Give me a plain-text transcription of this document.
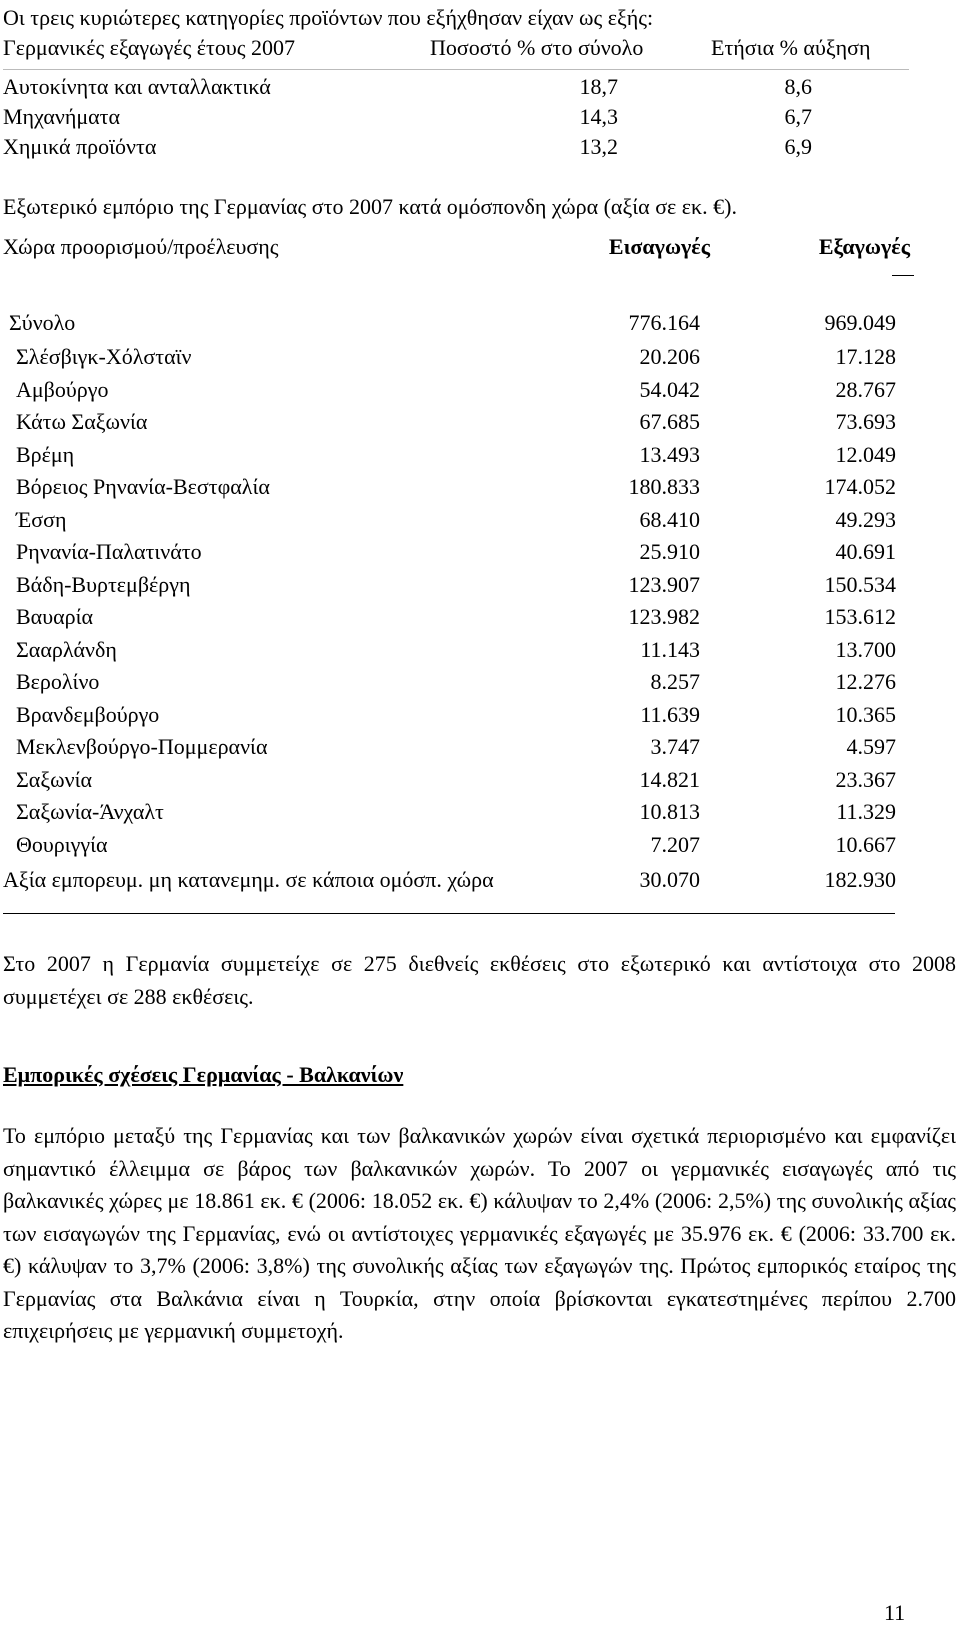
Οι τρεις κυριώτερες κατηγορίες προϊόντων που εξήχθησαν είχαν ως εξής:
Γερμανικές εξαγωγές έτους 2007	Ποσοστό % στο σύνολο	Ετήσια % αύξηση
Αυτοκίνητα και ανταλλακτικά	18,7	8,6
Μηχανήματα	14,3	6,7
Χημικά προϊόντα	13,2	6,9
Εξωτερικό εμπόριο της Γερμανίας στο 2007 κατά ομόσπονδη χώρα (αξία σε εκ. €).
Χώρα προορισμού/προέλευσης	Εισαγωγές	Εξαγωγές
Σύνολο	776.164	969.049
Σλέσβιγκ-Χόλσταϊν	20.206	17.128
Αμβούργο	54.042	28.767
Κάτω Σαξωνία	67.685	73.693
Βρέμη	13.493	12.049
Βόρειος Ρηνανία-Βεστφαλία	180.833	174.052
Έσση	68.410	49.293
Ρηνανία-Παλατινάτο	25.910	40.691
Βάδη-Βυρτεμβέργη	123.907	150.534
Βαυαρία	123.982	153.612
Σααρλάνδη	11.143	13.700
Βερολίνο	8.257	12.276
Βρανδεμβούργο	11.639	10.365
Μεκλενβούργο-Πομμερανία	3.747	4.597
Σαξωνία	14.821	23.367
Σαξωνία-Άνχαλτ	10.813	11.329
Θουριγγία	7.207	10.667
Αξία εμπορευμ. μη κατανεμημ. σε κάποια ομόσπ. χώρα	30.070	182.930
Στο 2007 η Γερμανία συμμετείχε σε 275 διεθνείς εκθέσεις στο εξωτερικό και αντίστοιχα στο 2008 συμμετέχει σε 288 εκθέσεις.
Εμπορικές σχέσεις Γερμανίας - Βαλκανίων
Το εμπόριο μεταξύ της Γερμανίας και των βαλκανικών χωρών είναι σχετικά περιορισμένο και εμφανίζει σημαντικό έλλειμμα σε βάρος των βαλκανικών χωρών. Το 2007 οι γερμανικές εισαγωγές από τις βαλκανικές χώρες με 18.861 εκ. € (2006: 18.052 εκ. €) κάλυψαν το 2,4% (2006: 2,5%) της συνολικής αξίας των εισαγωγών της Γερμανίας, ενώ οι αντίστοιχες γερμανικές εξαγωγές με 35.976 εκ. € (2006: 33.700 εκ. €) κάλυψαν το 3,7% (2006: 3,8%) της συνολικής αξίας των εξαγωγών της. Πρώτος εμπορικός εταίρος της Γερμανίας στα Βαλκάνια είναι η Τουρκία, στην οποία βρίσκονται εγκατεστημένες περίπου 2.700 επιχειρήσεις με γερμανική συμμετοχή.
11
